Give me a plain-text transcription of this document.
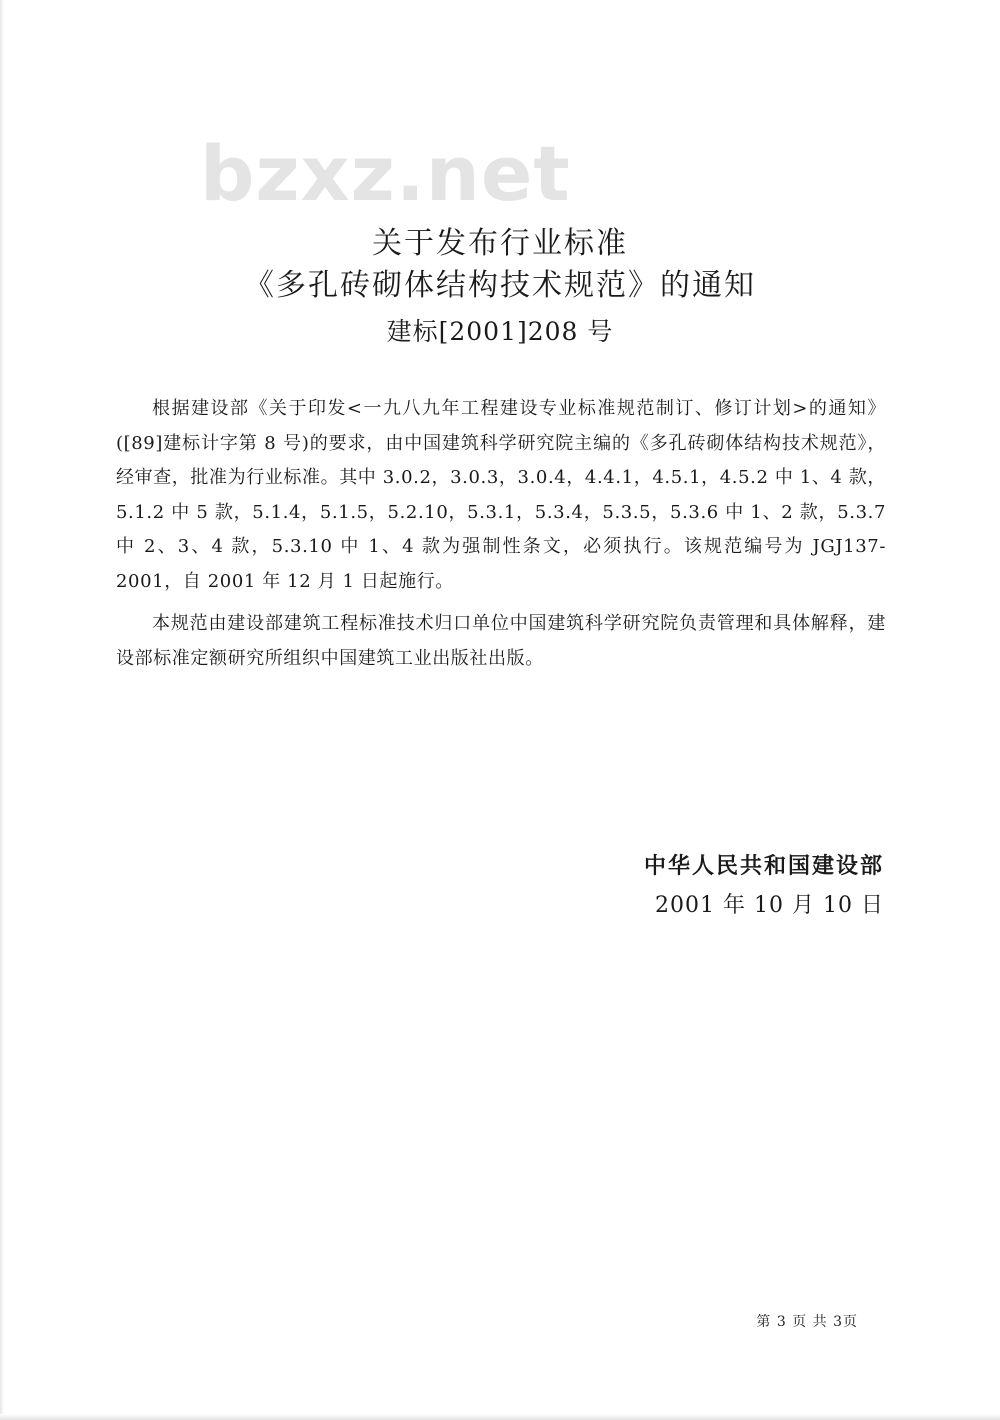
bzxz.net
关于发布行业标准
《多孔砖砌体结构技术规范》的通知
建标[2001]208 号

根据建设部《关于印发<一九八九年工程建设专业标准规范制订、修订计划>的通知》([89]建标计字第 8 号)的要求，由中国建筑科学研究院主编的《多孔砖砌体结构技术规范》，经审查，批准为行业标准。其中 3.0.2，3.0.3，3.0.4，4.4.1，4.5.1，4.5.2 中 1、4 款，5.1.2 中 5 款，5.1.4，5.1.5，5.2.10，5.3.1，5.3.4，5.3.5，5.3.6 中 1、2 款，5.3.7 中 2、3、4 款，5.3.10 中 1、4 款为强制性条文，必须执行。该规范编号为 JGJ137-2001，自 2001 年 12 月 1 日起施行。

本规范由建设部建筑工程标准技术归口单位中国建筑科学研究院负责管理和具体解释，建设部标准定额研究所组织中国建筑工业出版社出版。

中华人民共和国建设部
2001 年 10 月 10 日
第 3 页 共 3页
